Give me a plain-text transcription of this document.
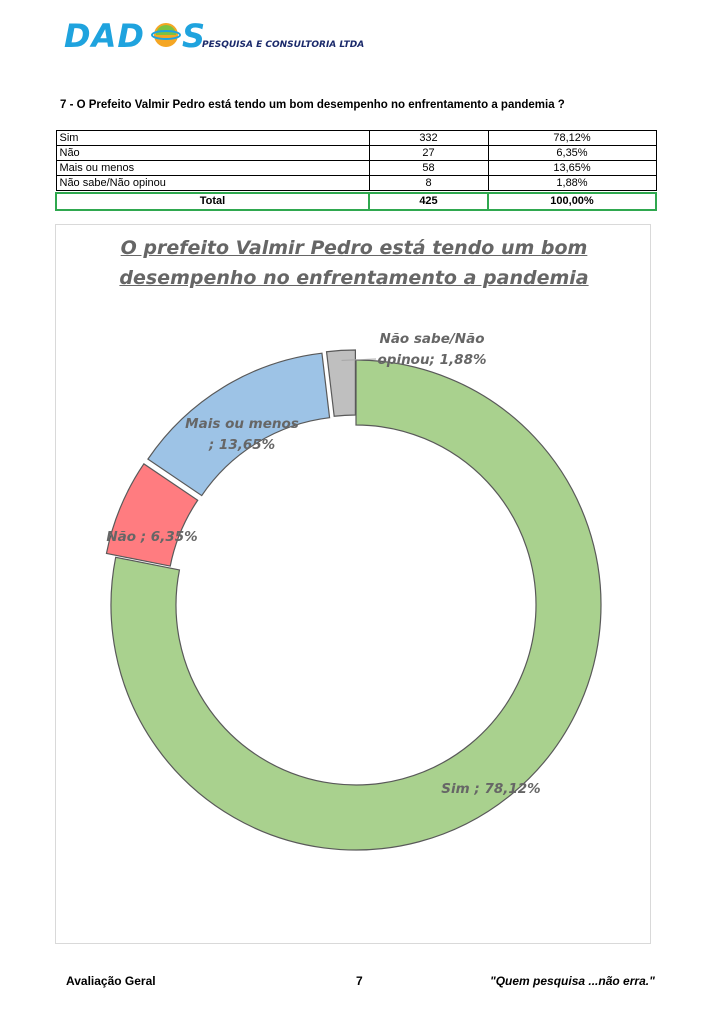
DAD S
PESQUISA E CONSULTORIA LTDA
7 - O Prefeito Valmir Pedro está tendo um bom desempenho no enfrentamento a pandemia ?
Sim	332	78,12%
Não	27	6,35%
Mais ou menos	58	13,65%
Não sabe/Não opinou	8	1,88%

Total	425	100,00%
O prefeito Valmir Pedro está tendo um bom
desempenho no enfrentamento a pandemia
Sim ; 78,12%
Não ; 6,35%
Mais ou menos ; 13,65%
Não sabe/Não opinou; 1,88%
Avaliação Geral	7	"Quem pesquisa ...não erra."
